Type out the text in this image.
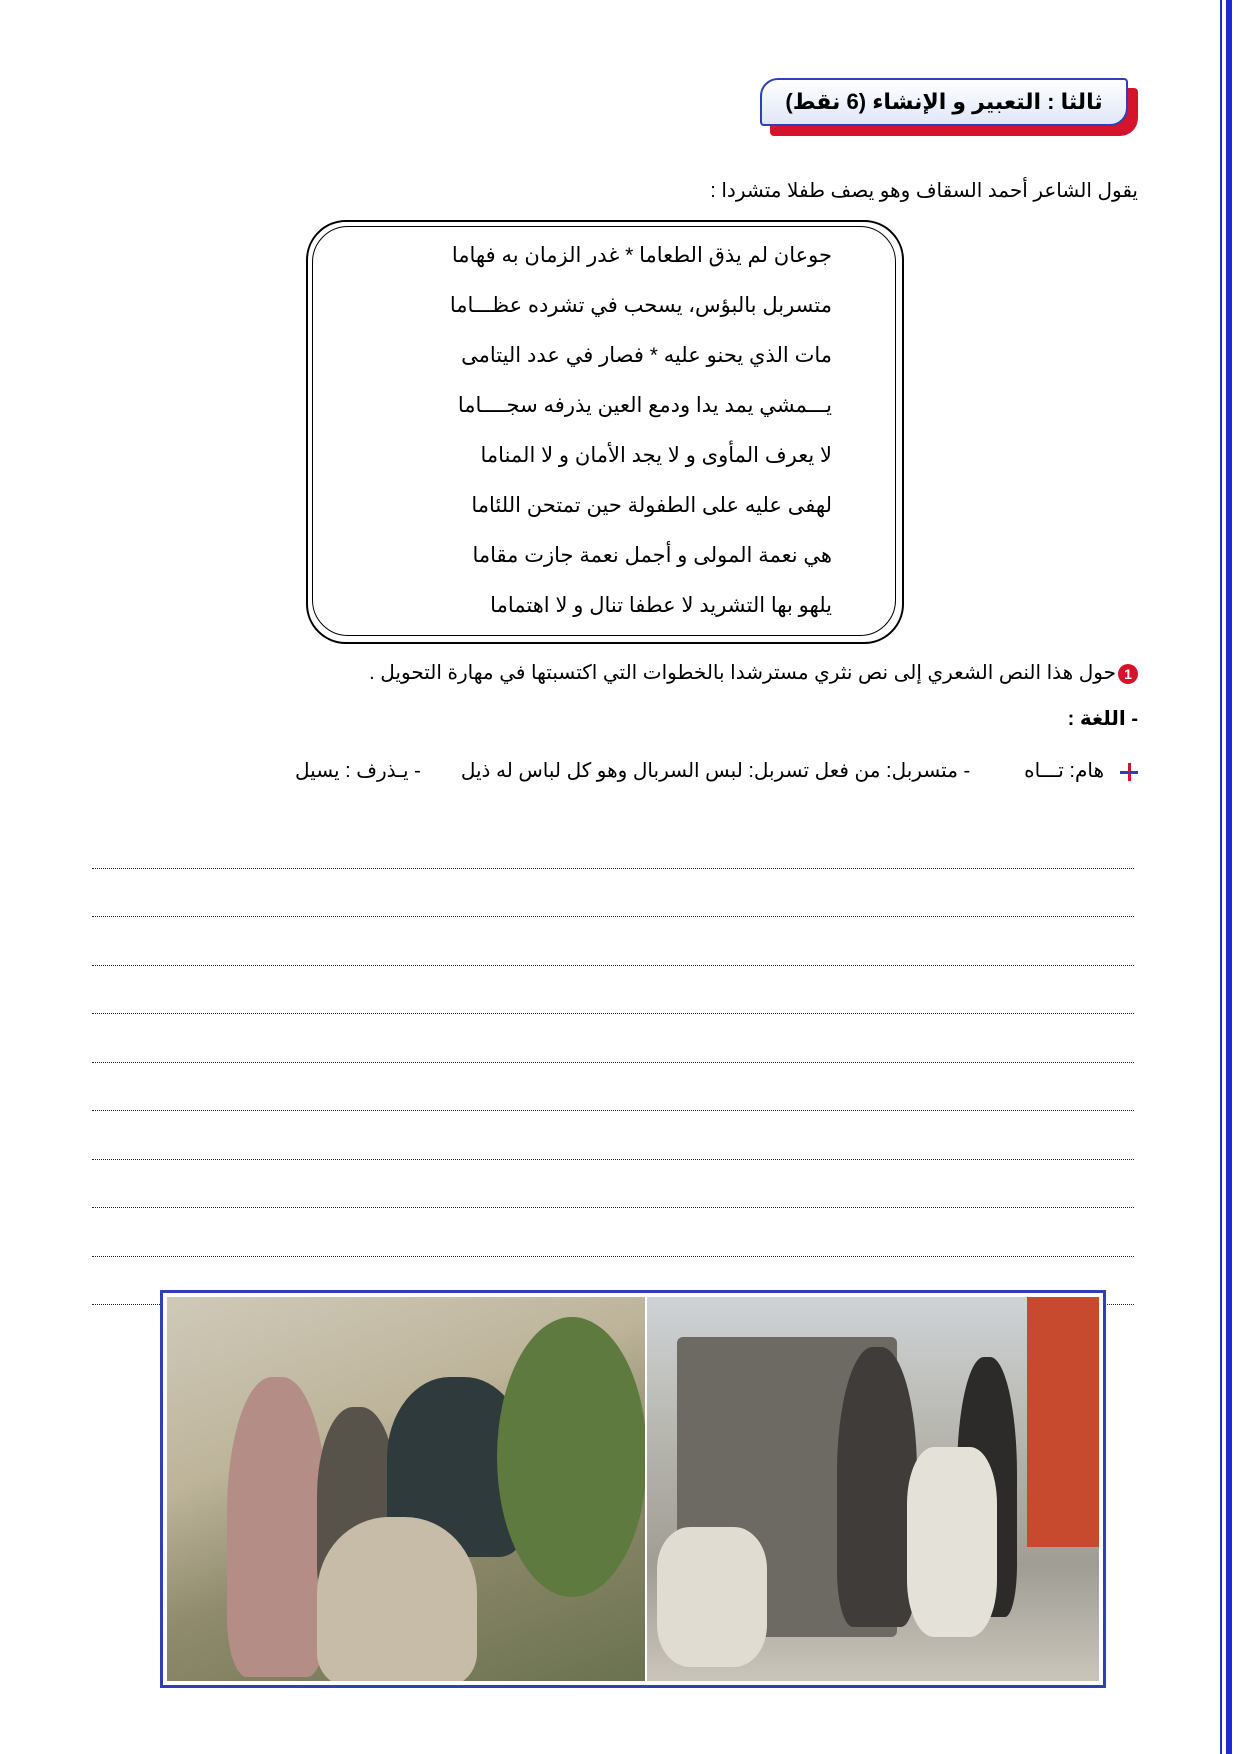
ثالثا : التعبير و الإنشاء (6 نقط)
يقول الشاعر أحمد السقاف وهو يصف طفلا متشردا :
جوعان لم يذق الطعاما * غدر الزمان به فهاما
متسربل بالبؤس، يسحب في تشرده عظـــاما
مات الذي يحنو عليه * فصار في عدد اليتامى
يـــمشي يمد يدا ودمع العين يذرفه سجــــاما
لا يعرف المأوى و لا يجد الأمان و لا المناما
لهفى عليه على الطفولة حين تمتحن اللئاما
هي نعمة المولى و أجمل نعمة جازت مقاما
يلهو بها التشريد لا عطفا تنال و لا اهتماما
1حول هذا النص الشعري إلى نص نثري مسترشدا بالخطوات التي اكتسبتها في مهارة التحويل .
- اللغة :
هام: تـــاه- متسربل: من فعل تسربل: لبس السربال وهو كل لباس له ذيل- يـذرف : يسيل
